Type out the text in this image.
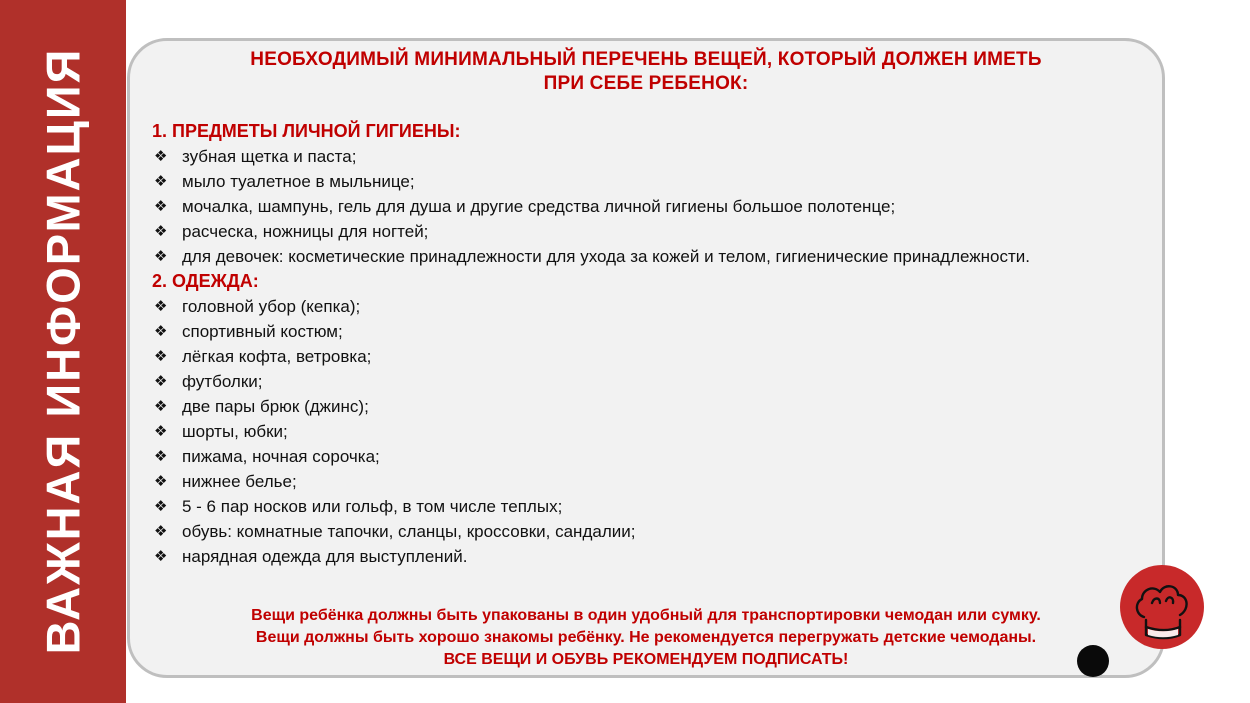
ВАЖНАЯ ИНФОРМАЦИЯ	НЕОБХОДИМЫЙ МИНИМАЛЬНЫЙ ПЕРЕЧЕНЬ ВЕЩЕЙ, КОТОРЫЙ ДОЛЖЕН ИМЕТЬ
ПРИ СЕБЕ РЕБЕНОК:
1. ПРЕДМЕТЫ ЛИЧНОЙ ГИГИЕНЫ:
❖ зубная щетка и паста;
❖ мыло туалетное в мыльнице;
❖ мочалка, шампунь, гель для душа и другие средства личной гигиены большое полотенце;
❖ расческа, ножницы для ногтей;
❖ для девочек: косметические принадлежности для ухода за кожей и телом, гигиенические принадлежности.
2. ОДЕЖДА:
❖ головной убор (кепка);
❖ спортивный костюм;
❖ лёгкая кофта, ветровка;
❖ футболки;
❖ две пары брюк (джинс);
❖ шорты, юбки;
❖ пижама, ночная сорочка;
❖ нижнее белье;
❖ 5 - 6 пар носков или гольф, в том числе теплых;
❖ обувь: комнатные тапочки, сланцы, кроссовки, сандалии;
❖ нарядная одежда для выступлений.
Вещи ребёнка должны быть упакованы в один удобный для транспортировки чемодан или сумку.
Вещи должны быть хорошо знакомы ребёнку. Не рекомендуется перегружать детские чемоданы.
ВСЕ ВЕЩИ И ОБУВЬ РЕКОМЕНДУЕМ ПОДПИСАТЬ!
